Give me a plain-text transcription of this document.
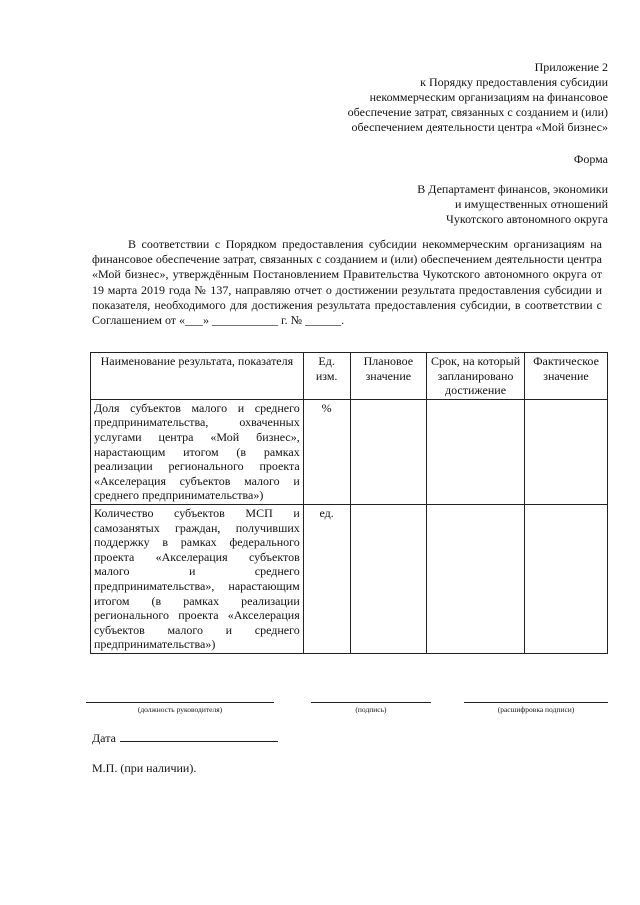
Приложение 2
к Порядку предоставления субсидии
некоммерческим организациям на финансовое
обеспечение затрат, связанных с созданием и (или)
обеспечением деятельности центра «Мой бизнес»
Форма
В Департамент финансов, экономики
и имущественных отношений
Чукотского автономного округа
В соответствии с Порядком предоставления субсидии некоммерческим организациям на финансовое обеспечение затрат, связанных с созданием и (или) обеспечением деятельности центра «Мой бизнес», утверждённым Постановлением Правительства Чукотского автономного округа от 19 марта 2019 года № 137, направляю отчет о достижении результата предоставления субсидии и показателя, необходимого для достижения результата предоставления субсидии, в соответствии с Соглашением от «___» ___________ г. № ______.
Наименование результата, показателя	Ед. изм.	Плановое значение	Срок, на который запланировано достижение	Фактическое значение
Доля субъектов малого и среднего предпринимательства, охваченных услугами центра «Мой бизнес», нарастающим итогом (в рамках реализации регионального проекта «Акселерация субъектов малого и среднего предпринимательства»)	%			
Количество субъектов МСП и самозанятых граждан, получивших поддержку в рамках федерального проекта «Акселерация субъектов малого и среднего предпринимательства», нарастающим итогом (в рамках реализации регионального проекта «Акселерация субъектов малого и среднего предпринимательства»)	ед.			
(должность руководителя)	(подпись)	(расшифровка подписи)
Дата
М.П. (при наличии).
